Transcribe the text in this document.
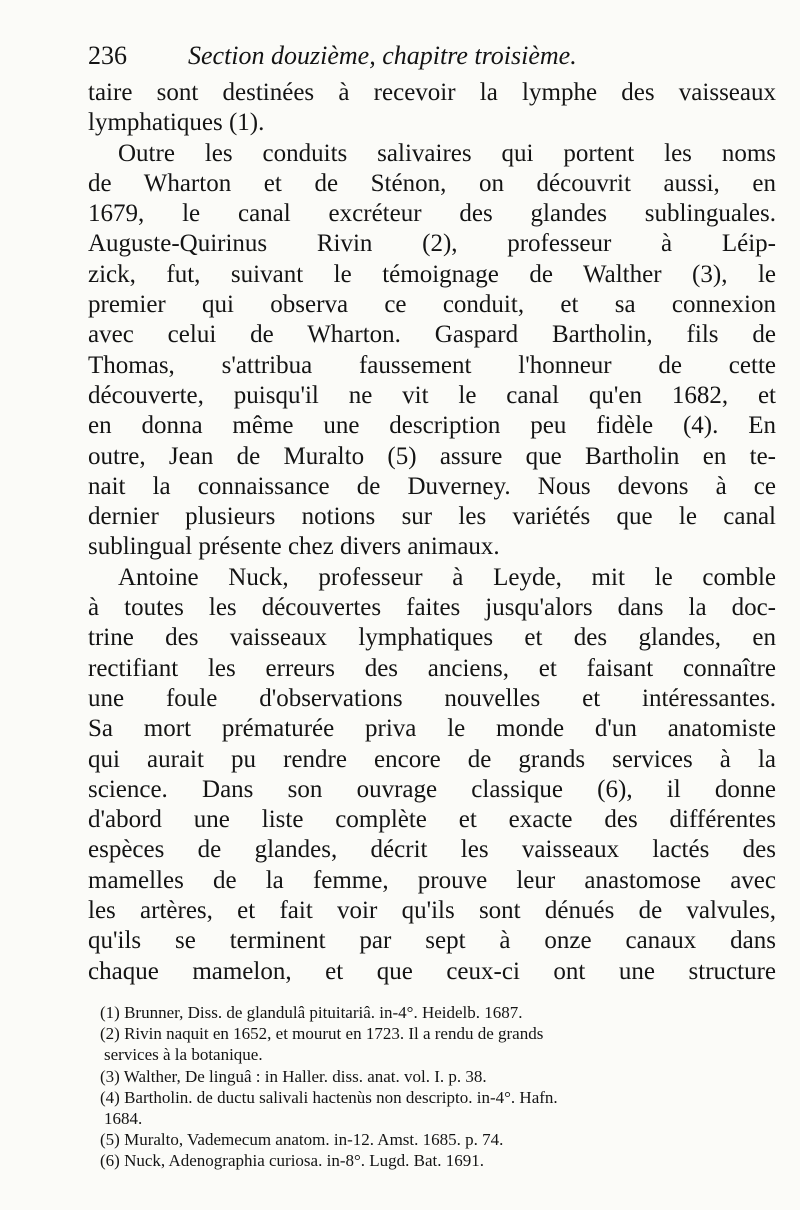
236 Section douzième, chapitre troisième.
taire sont destinées à recevoir la lymphe des vaisseaux
lymphatiques (1).
Outre les conduits salivaires qui portent les noms
de Wharton et de Sténon, on découvrit aussi, en
1679, le canal excréteur des glandes sublinguales.
Auguste-Quirinus Rivin (2), professeur à Léip-
zick, fut, suivant le témoignage de Walther (3), le
premier qui observa ce conduit, et sa connexion
avec celui de Wharton. Gaspard Bartholin, fils de
Thomas, s'attribua faussement l'honneur de cette
découverte, puisqu'il ne vit le canal qu'en 1682, et
en donna même une description peu fidèle (4). En
outre, Jean de Muralto (5) assure que Bartholin en te-
nait la connaissance de Duverney. Nous devons à ce
dernier plusieurs notions sur les variétés que le canal
sublingual présente chez divers animaux.
Antoine Nuck, professeur à Leyde, mit le comble
à toutes les découvertes faites jusqu'alors dans la doc-
trine des vaisseaux lymphatiques et des glandes, en
rectifiant les erreurs des anciens, et faisant connaître
une foule d'observations nouvelles et intéressantes.
Sa mort prématurée priva le monde d'un anatomiste
qui aurait pu rendre encore de grands services à la
science. Dans son ouvrage classique (6), il donne
d'abord une liste complète et exacte des différentes
espèces de glandes, décrit les vaisseaux lactés des
mamelles de la femme, prouve leur anastomose avec
les artères, et fait voir qu'ils sont dénués de valvules,
qu'ils se terminent par sept à onze canaux dans
chaque mamelon, et que ceux-ci ont une structure
(1) Brunner, Diss. de glandulâ pituitariâ. in-4°. Heidelb. 1687.
(2) Rivin naquit en 1652, et mourut en 1723. Il a rendu de grands
services à la botanique.
(3) Walther, De linguâ : in Haller. diss. anat. vol. I. p. 38.
(4) Bartholin. de ductu salivali hactenùs non descripto. in-4°. Hafn.
1684.
(5) Muralto, Vademecum anatom. in-12. Amst. 1685. p. 74.
(6) Nuck, Adenographia curiosa. in-8°. Lugd. Bat. 1691.
